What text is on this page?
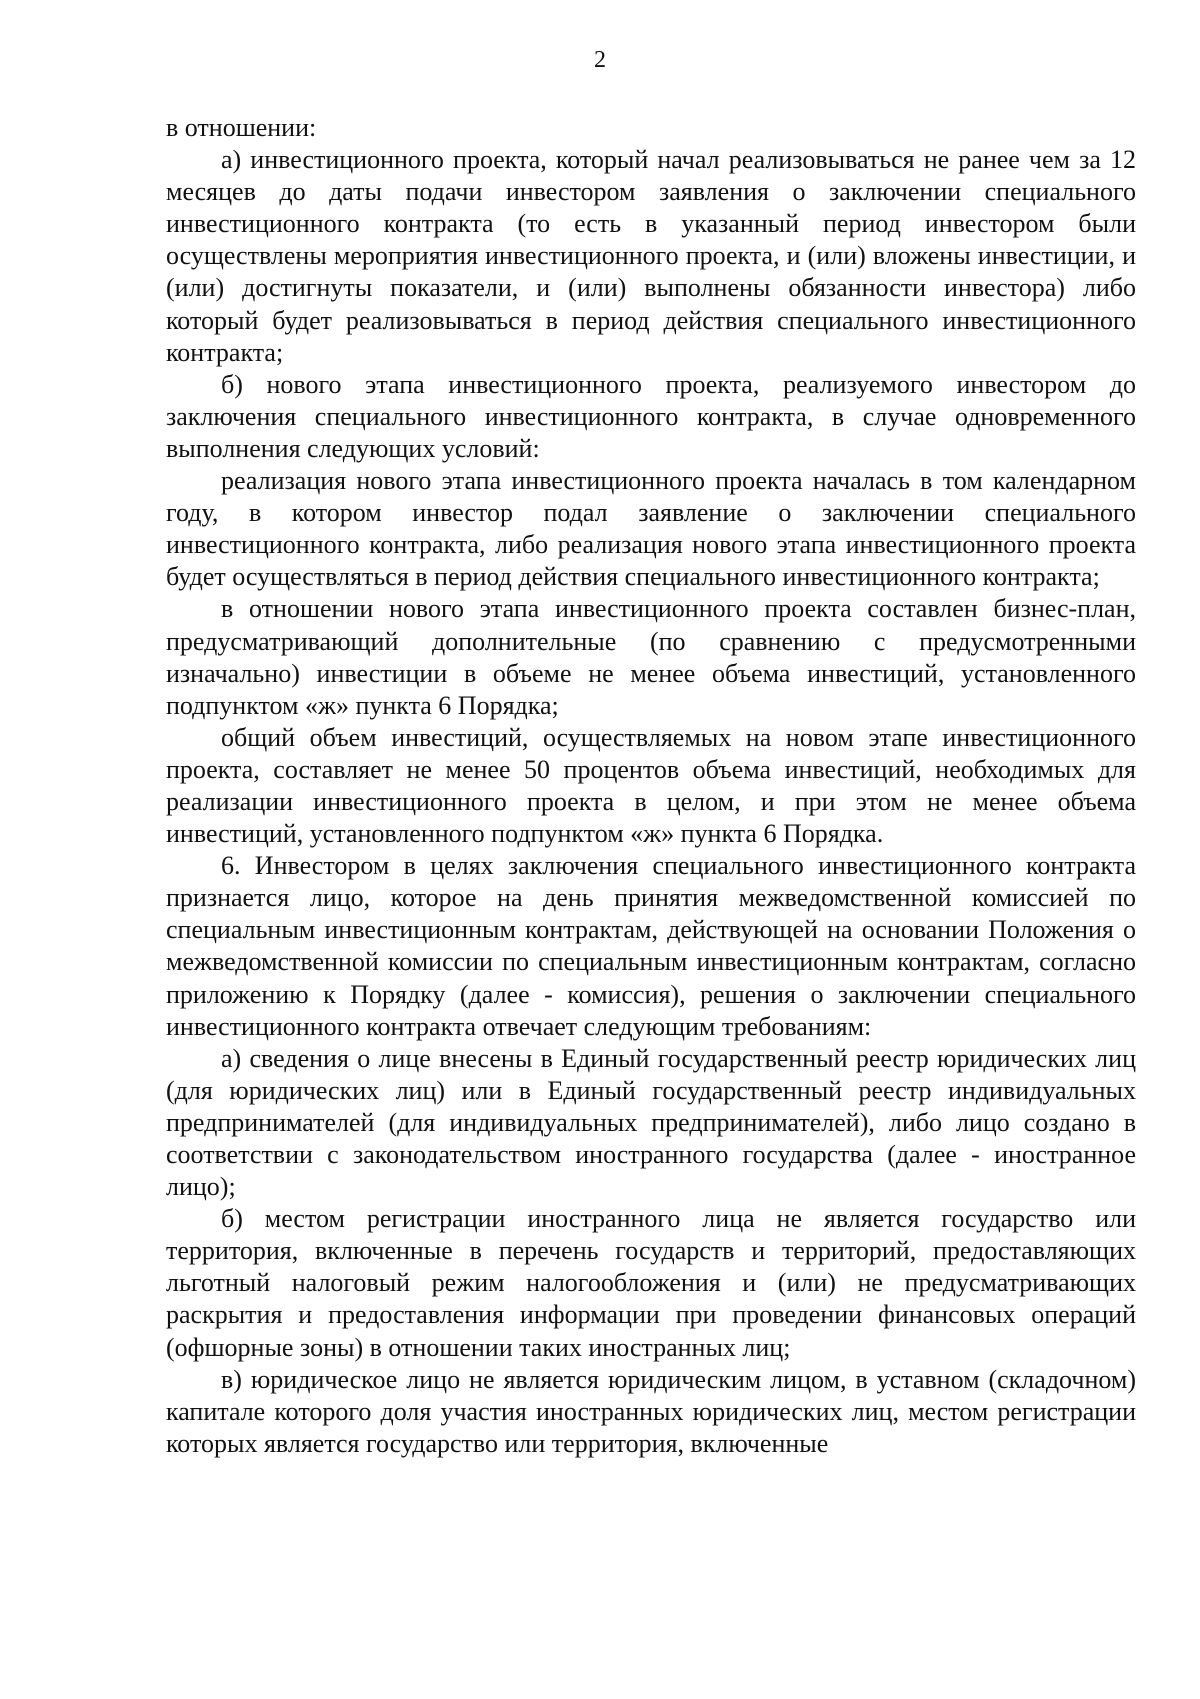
2

в отношении:

а) инвестиционного проекта, который начал реализовываться не ранее чем за 12 месяцев до даты подачи инвестором заявления о заключении специального инвестиционного контракта (то есть в указанный период инвестором были осуществлены мероприятия инвестиционного проекта, и (или) вложены инвестиции, и (или) достигнуты показатели, и (или) выполнены обязанности инвестора) либо который будет реализовываться в период действия специального инвестиционного контракта;

б) нового этапа инвестиционного проекта, реализуемого инвестором до заключения специального инвестиционного контракта, в случае одновременного выполнения следующих условий:

реализация нового этапа инвестиционного проекта началась в том календарном году, в котором инвестор подал заявление о заключении специального инвестиционного контракта, либо реализация нового этапа инвестиционного проекта будет осуществляться в период действия специального инвестиционного контракта;

в отношении нового этапа инвестиционного проекта составлен бизнес-план, предусматривающий дополнительные (по сравнению с предусмотренными изначально) инвестиции в объеме не менее объема инвестиций, установленного подпунктом «ж» пункта 6 Порядка;

общий объем инвестиций, осуществляемых на новом этапе инвестиционного проекта, составляет не менее 50 процентов объема инвестиций, необходимых для реализации инвестиционного проекта в целом, и при этом не менее объема инвестиций, установленного подпунктом «ж» пункта 6 Порядка.

6. Инвестором в целях заключения специального инвестиционного контракта признается лицо, которое на день принятия межведомственной комиссией по специальным инвестиционным контрактам, действующей на основании Положения о межведомственной комиссии по специальным инвестиционным контрактам, согласно приложению к Порядку (далее - комиссия), решения о заключении специального инвестиционного контракта отвечает следующим требованиям:

а) сведения о лице внесены в Единый государственный реестр юридических лиц (для юридических лиц) или в Единый государственный реестр индивидуальных предпринимателей (для индивидуальных предпринимателей), либо лицо создано в соответствии с законодательством иностранного государства (далее - иностранное лицо);

б) местом регистрации иностранного лица не является государство или территория, включенные в перечень государств и территорий, предоставляющих льготный налоговый режим налогообложения и (или) не предусматривающих раскрытия и предоставления информации при проведении финансовых операций (офшорные зоны) в отношении таких иностранных лиц;

в) юридическое лицо не является юридическим лицом, в уставном (складочном) капитале которого доля участия иностранных юридических лиц, местом регистрации которых является государство или территория, включенные
